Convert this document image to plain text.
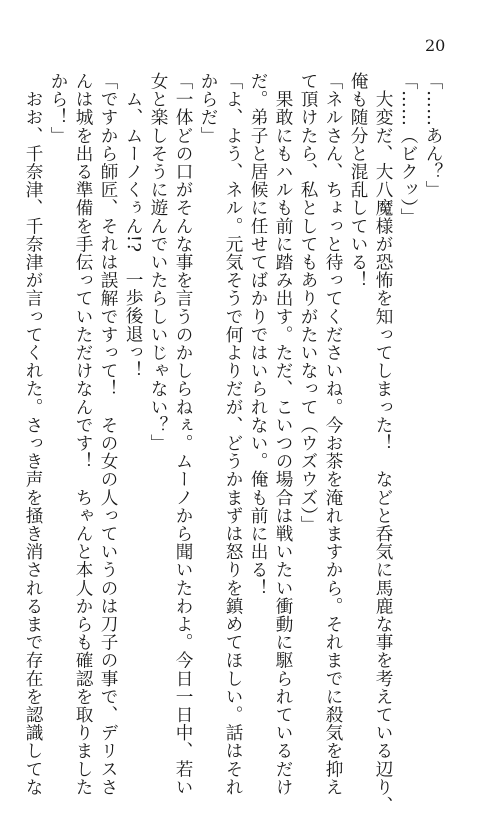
20
「……あん？」
「……（ビクッ）」
　大変だ、大八魔様が恐怖を知ってしまった！　などと呑気に馬鹿な事を考えている辺り、
俺も随分と混乱している！
「ネルさん、ちょっと待ってくださいね。今お茶を淹れますから。それまでに殺気を抑え
て頂けたら、私としてもありがたいなって（ウズウズ）」
　果敢にもハルも前に踏み出す。ただ、こいつの場合は戦いたい衝動に駆られているだけ
だ。弟子と居候に任せてばかりではいられない。俺も前に出る！
「よ、よう、ネル。元気そうで何よりだが、どうかまずは怒りを鎮めてほしい。話はそれ
からだ」
「一体どの口がそんな事を言うのかしらねぇ。ムーノから聞いたわよ。今日一日中、若い
女と楽しそうに遊んでいたらしいじゃない？」
　ム、ムーノくぅん!?　一歩後退っ！
「ですから師匠、それは誤解ですって！　その女の人っていうのは刀子の事で、デリスさ
んは城を出る準備を手伝っていただけなんです！　ちゃんと本人からも確認を取りました
から！」
　おお、千奈津、千奈津が言ってくれた。さっき声を掻き消されるまで存在を認識してな
